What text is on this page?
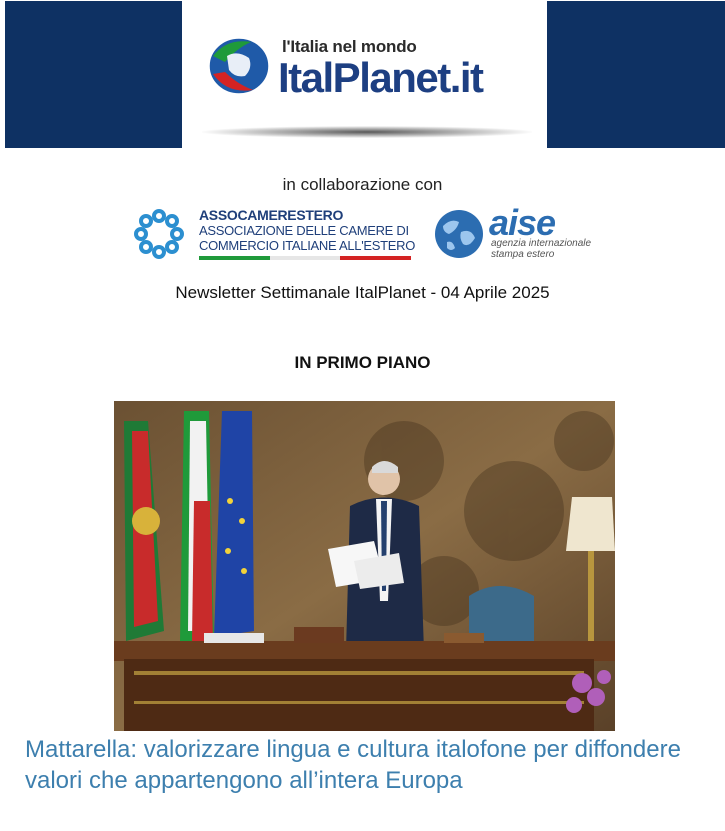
l'Italia nel mondo
ItalPlanet.it
in collaborazione con
ASSOCAMERESTERO
ASSOCIAZIONE DELLE CAMERE DI
COMMERCIO ITALIANE ALL'ESTERO
aise
agenzia internazionale
stampa estero
Newsletter Settimanale ItalPlanet - 04 Aprile 2025
IN PRIMO PIANO
Mattarella: valorizzare lingua e cultura italofone per diffondere valori che appartengono all’intera Europa
